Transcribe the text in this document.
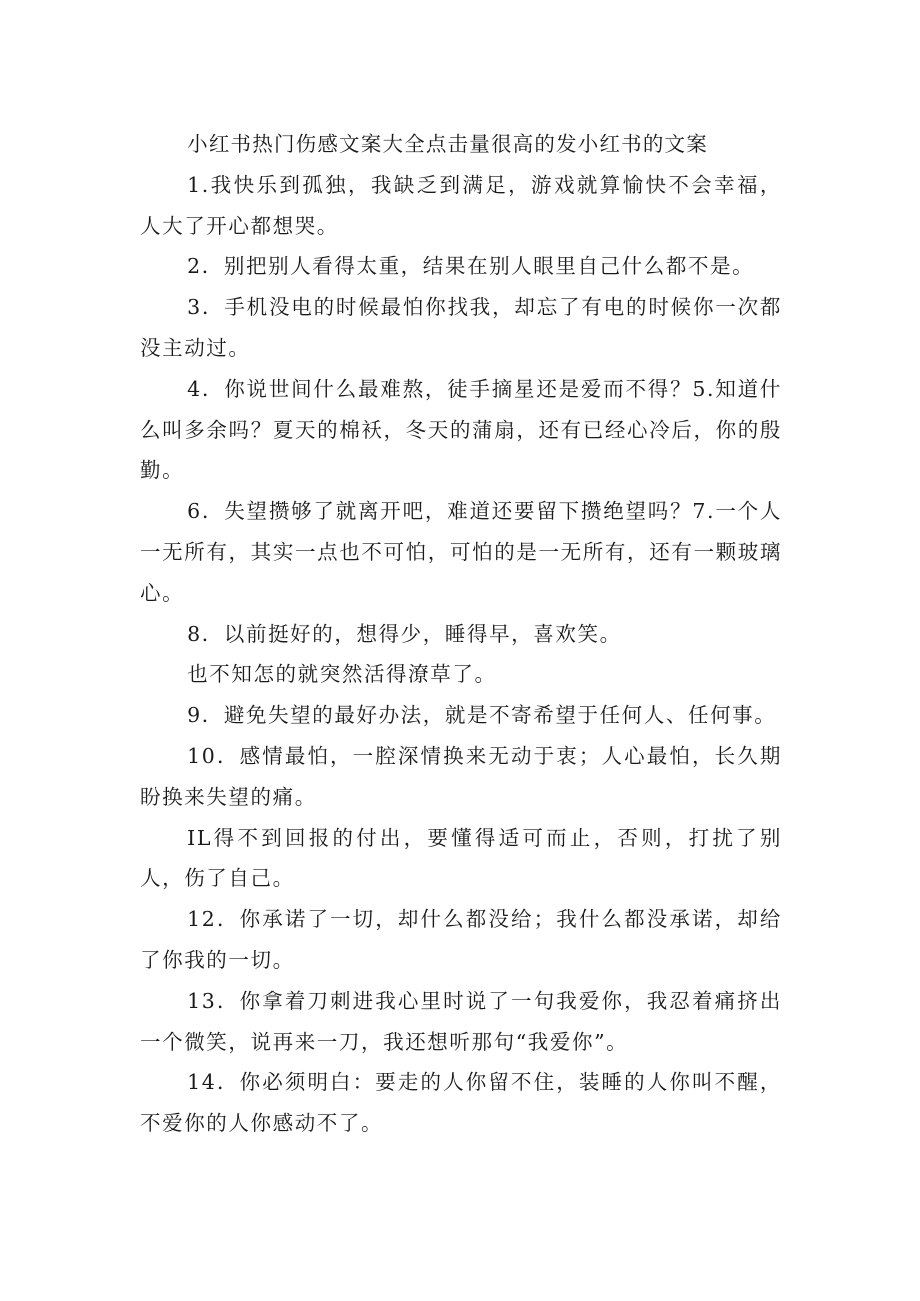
小红书热门伤感文案大全点击量很高的发小红书的文案

1.我快乐到孤独，我缺乏到满足，游戏就算愉快不会幸福，人大了开心都想哭。

2．别把别人看得太重，结果在别人眼里自己什么都不是。

3．手机没电的时候最怕你找我，却忘了有电的时候你一次都没主动过。

4．你说世间什么最难熬，徒手摘星还是爱而不得？5.知道什么叫多余吗？夏天的棉袄，冬天的蒲扇，还有已经心冷后，你的殷勤。

6．失望攒够了就离开吧，难道还要留下攒绝望吗？7.一个人一无所有，其实一点也不可怕，可怕的是一无所有，还有一颗玻璃心。

8．以前挺好的，想得少，睡得早，喜欢笑。

也不知怎的就突然活得潦草了。

9．避免失望的最好办法，就是不寄希望于任何人、任何事。

10．感情最怕，一腔深情换来无动于衷；人心最怕，长久期盼换来失望的痛。

IL得不到回报的付出，要懂得适可而止，否则，打扰了别人，伤了自己。

12．你承诺了一切，却什么都没给；我什么都没承诺，却给了你我的一切。

13．你拿着刀刺进我心里时说了一句我爱你，我忍着痛挤出一个微笑，说再来一刀，我还想听那句“我爱你”。

14．你必须明白：要走的人你留不住，装睡的人你叫不醒，不爱你的人你感动不了。
